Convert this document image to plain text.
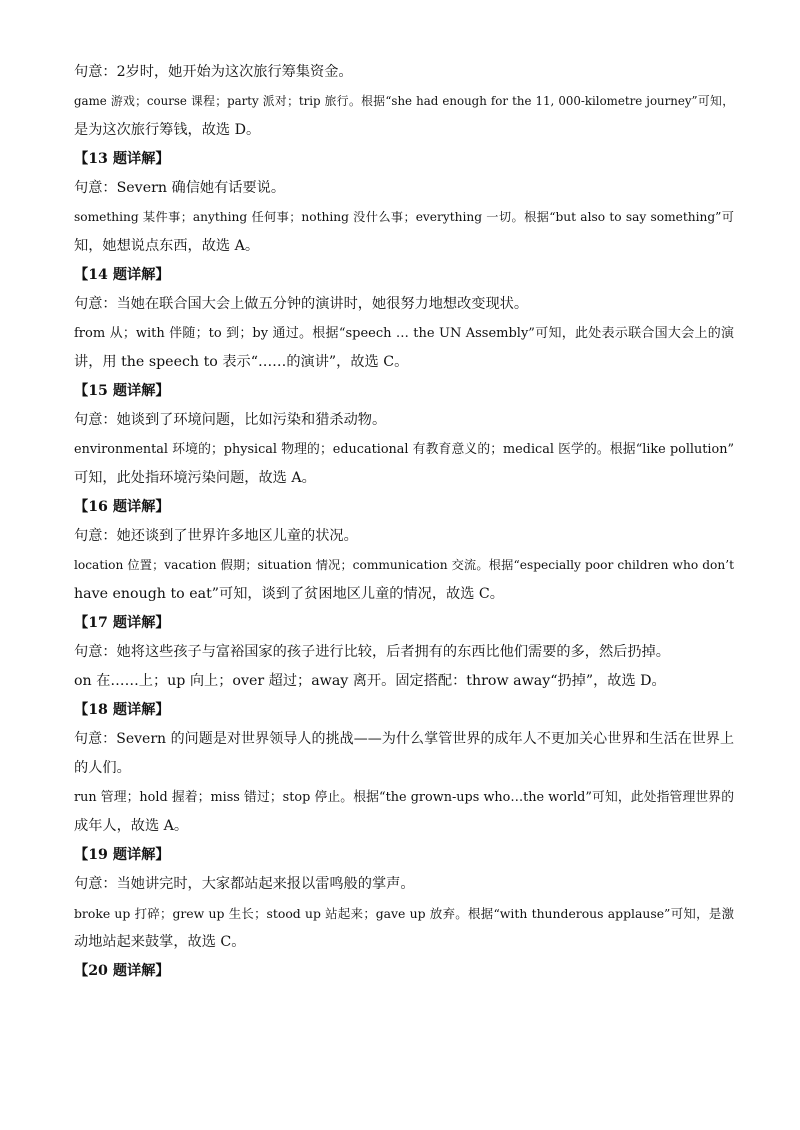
句意：2岁时，她开始为这次旅行筹集资金。
game 游戏；course 课程；party 派对；trip 旅行。根据“she had enough for the 11, 000-kilometre journey”可知，
是为这次旅行筹钱，故选 D。
【13 题详解】
句意：Severn 确信她有话要说。
something 某件事；anything 任何事；nothing 没什么事；everything 一切。根据“but also to say something”可
知，她想说点东西，故选 A。
【14 题详解】
句意：当她在联合国大会上做五分钟的演讲时，她很努力地想改变现状。
from 从；with 伴随；to 到；by 通过。根据“speech … the UN Assembly”可知，此处表示联合国大会上的演
讲，用 the speech to 表示“……的演讲”，故选 C。
【15 题详解】
句意：她谈到了环境问题，比如污染和猎杀动物。
environmental 环境的；physical 物理的；educational 有教育意义的；medical 医学的。根据“like pollution”
可知，此处指环境污染问题，故选 A。
【16 题详解】
句意：她还谈到了世界许多地区儿童的状况。
location 位置；vacation 假期；situation 情况；communication 交流。根据“especially poor children who don’t
have enough to eat”可知，谈到了贫困地区儿童的情况，故选 C。
【17 题详解】
句意：她将这些孩子与富裕国家的孩子进行比较，后者拥有的东西比他们需要的多，然后扔掉。
on 在……上；up 向上；over 超过；away 离开。固定搭配：throw away“扔掉”，故选 D。
【18 题详解】
句意：Severn 的问题是对世界领导人的挑战——为什么掌管世界的成年人不更加关心世界和生活在世界上
的人们。
run 管理；hold 握着；miss 错过；stop 停止。根据“the grown-ups who…the world”可知，此处指管理世界的
成年人，故选 A。
【19 题详解】
句意：当她讲完时，大家都站起来报以雷鸣般的掌声。
broke up 打碎；grew up 生长；stood up 站起来；gave up 放弃。根据“with thunderous applause”可知，是激
动地站起来鼓掌，故选 C。
【20 题详解】
